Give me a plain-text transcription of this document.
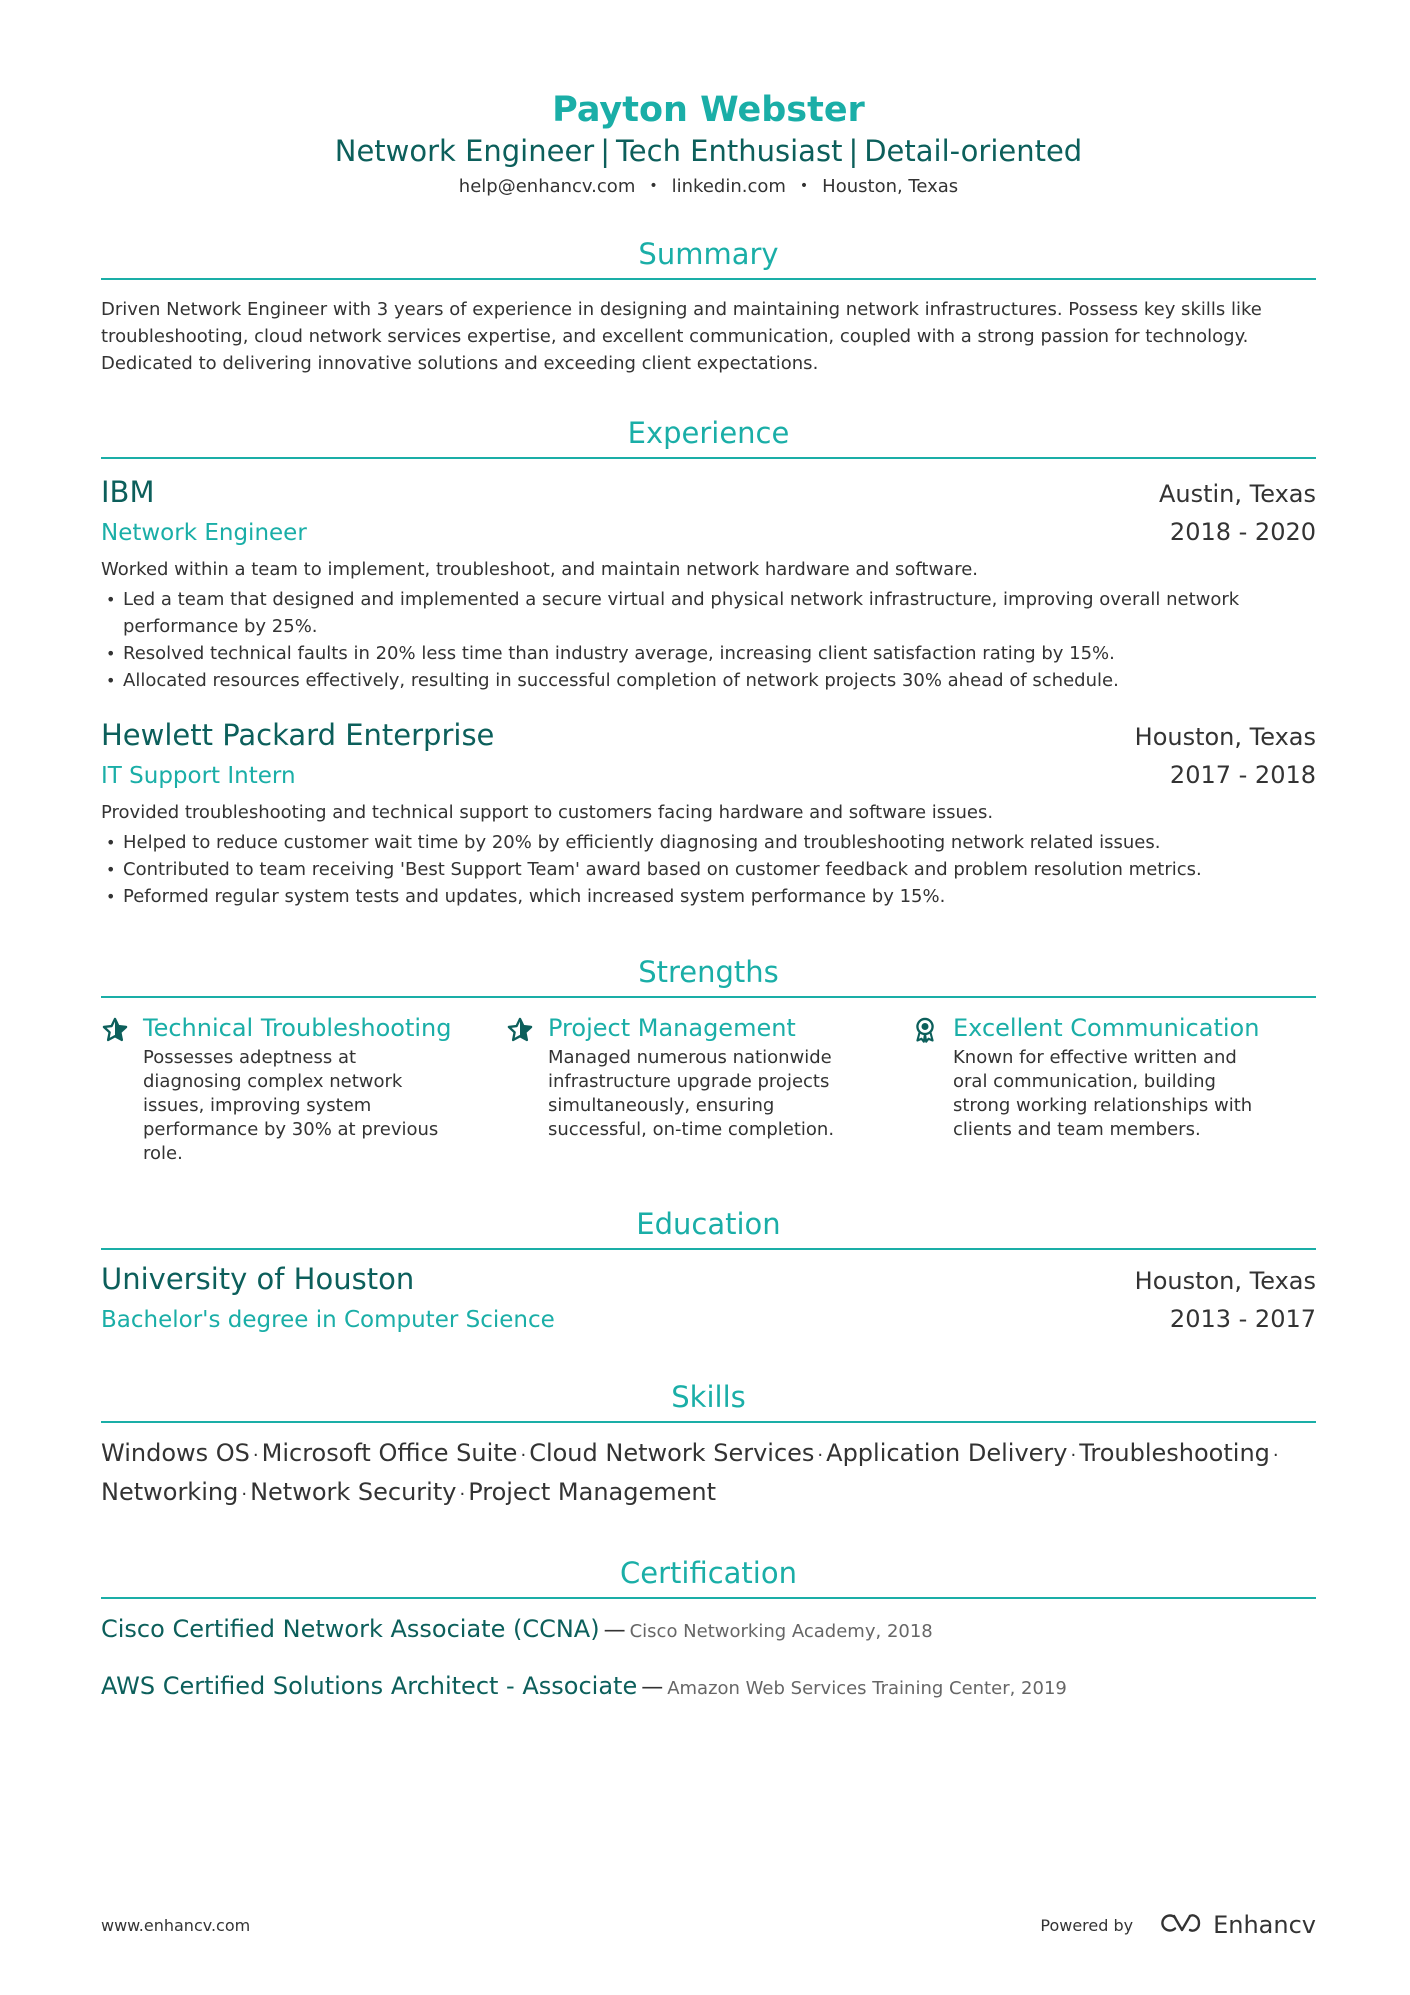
Payton Webster
Network Engineer | Tech Enthusiast | Detail-oriented
help@enhancv.com • linkedin.com • Houston, Texas
Summary
Driven Network Engineer with 3 years of experience in designing and maintaining network infrastructures. Possess key skills like troubleshooting, cloud network services expertise, and excellent communication, coupled with a strong passion for technology. Dedicated to delivering innovative solutions and exceeding client expectations.
Experience
IBM	Austin, Texas
Network Engineer	2018 - 2020
Worked within a team to implement, troubleshoot, and maintain network hardware and software.
• Led a team that designed and implemented a secure virtual and physical network infrastructure, improving overall network performance by 25%.
• Resolved technical faults in 20% less time than industry average, increasing client satisfaction rating by 15%.
• Allocated resources effectively, resulting in successful completion of network projects 30% ahead of schedule.
Hewlett Packard Enterprise	Houston, Texas
IT Support Intern	2017 - 2018
Provided troubleshooting and technical support to customers facing hardware and software issues.
• Helped to reduce customer wait time by 20% by efficiently diagnosing and troubleshooting network related issues.
• Contributed to team receiving 'Best Support Team' award based on customer feedback and problem resolution metrics.
• Peformed regular system tests and updates, which increased system performance by 15%.
Strengths
Technical Troubleshooting
Possesses adeptness at diagnosing complex network issues, improving system performance by 30% at previous role.
Project Management
Managed numerous nationwide infrastructure upgrade projects simultaneously, ensuring successful, on-time completion.
Excellent Communication
Known for effective written and oral communication, building strong working relationships with clients and team members.
Education
University of Houston	Houston, Texas
Bachelor's degree in Computer Science	2013 - 2017
Skills
Windows OS · Microsoft Office Suite · Cloud Network Services · Application Delivery · Troubleshooting ·
Networking · Network Security · Project Management
Certification
Cisco Certified Network Associate (CCNA) — Cisco Networking Academy, 2018
AWS Certified Solutions Architect - Associate — Amazon Web Services Training Center, 2019
www.enhancv.com	Powered by	Enhancv
